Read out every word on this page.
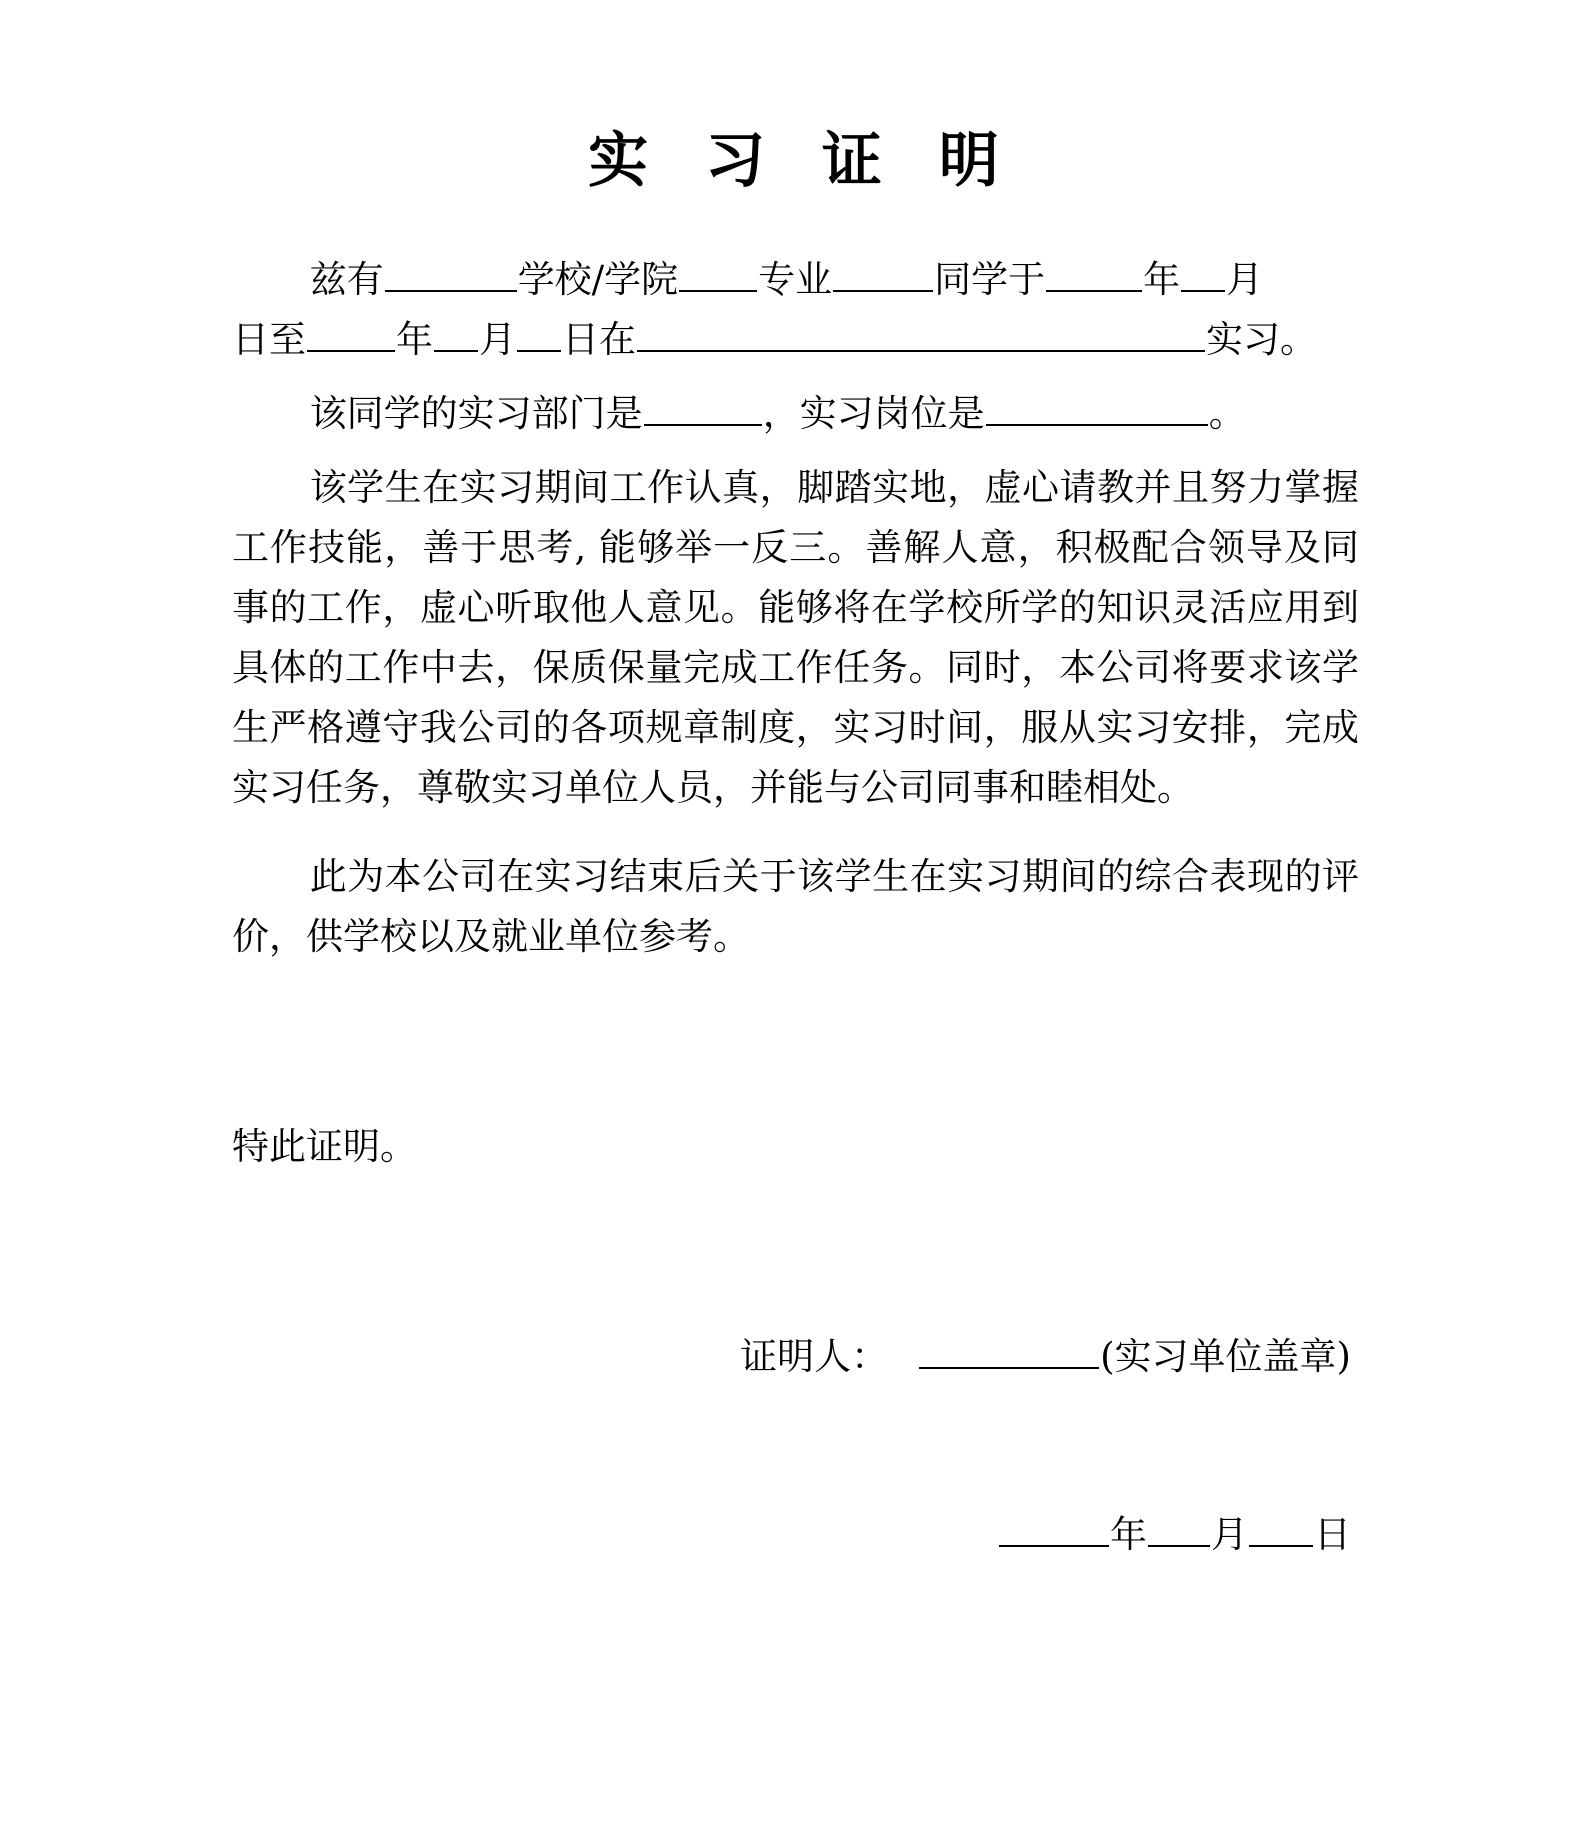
实 习 证 明

兹有	学校/学院 专业	同学于	年 月

日至 年 月 日在	实习。

该同学的实习部门是	，实习岗位是	。

该学生在实习期间工作认真，脚踏实地，虚心请教并且努力掌握工作技能，善于思考, 能够举一反三。善解人意，积极配合领导及同事的工作，虚心听取他人意见。能够将在学校所学的知识灵活应用到具体的工作中去，保质保量完成工作任务。同时，本公司将要求该学生严格遵守我公司的各项规章制度，实习时间，服从实习安排，完成实习任务，尊敬实习单位人员，并能与公司同事和睦相处。

此为本公司在实习结束后关于该学生在实习期间的综合表现的评价，供学校以及就业单位参考。

特此证明。

证明人：	(实习单位盖章)
年 月 日
